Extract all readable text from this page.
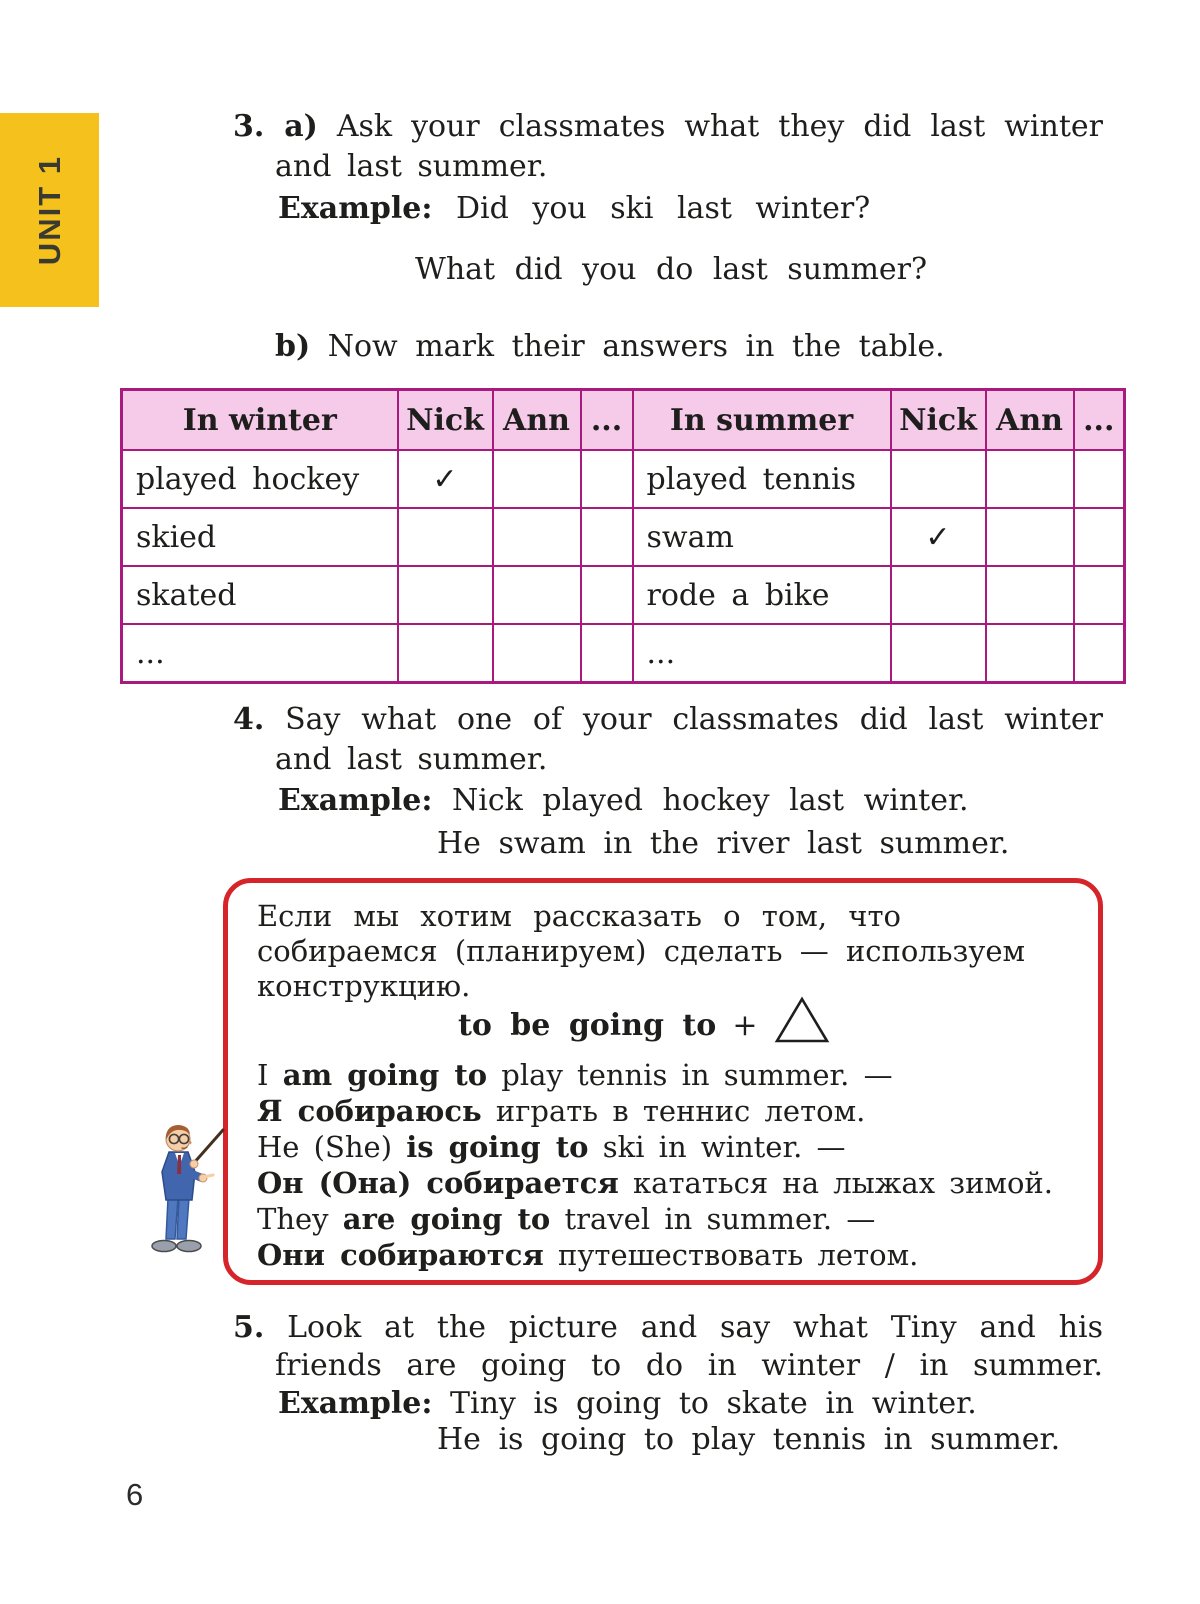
UNIT 1
3. a) Ask your classmates what they did last winter
and last summer.
Example: Did you ski last winter?
What did you do last summer?
b) Now mark their answers in the table.
In winter	Nick	Ann	...	In summer	Nick	Ann	...
played hockey	✓			played tennis			
skied				swam	✓		
skated				rode a bike			
...				...			
4. Say what one of your classmates did last winter
and last summer.
Example: Nick played hockey last winter.
He swam in the river last summer.
Если мы хотим рассказать о том, что
собираемся (планируем) сделать — используем
конструкцию.
to be going to +
I am going to play tennis in summer. —
Я собираюсь играть в теннис летом.
He (She) is going to ski in winter. —
Он (Она) собирается кататься на лыжах зимой.
They are going to travel in summer. —
Они собираются путешествовать летом.
5. Look at the picture and say what Tiny and his
friends are going to do in winter / in summer.
Example: Tiny is going to skate in winter.
He is going to play tennis in summer.
6
